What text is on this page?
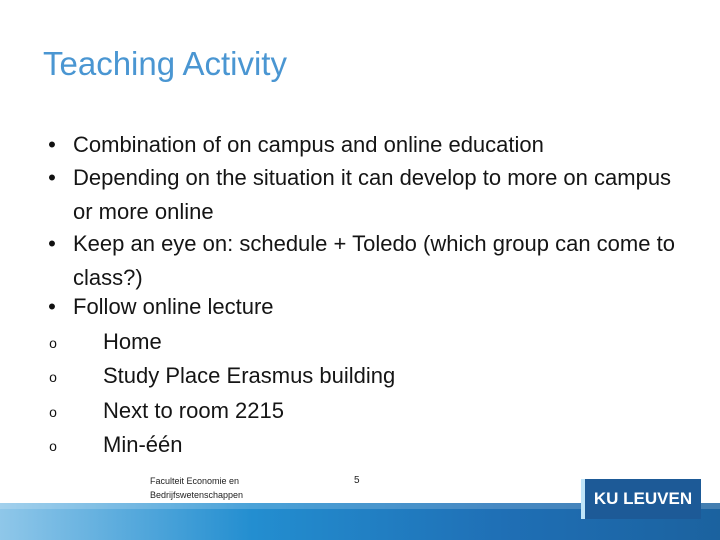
Teaching Activity
• Combination of on campus and online education
• Depending on the situation it can develop to more on campus or more online
• Keep an eye on: schedule + Toledo (which group can come to class?)
• Follow online lecture
o Home
o Study Place Erasmus building
o Next to room 2215
o Min-één
Faculteit Economie en Bedrijfswetenschappen
5
KU LEUVEN
